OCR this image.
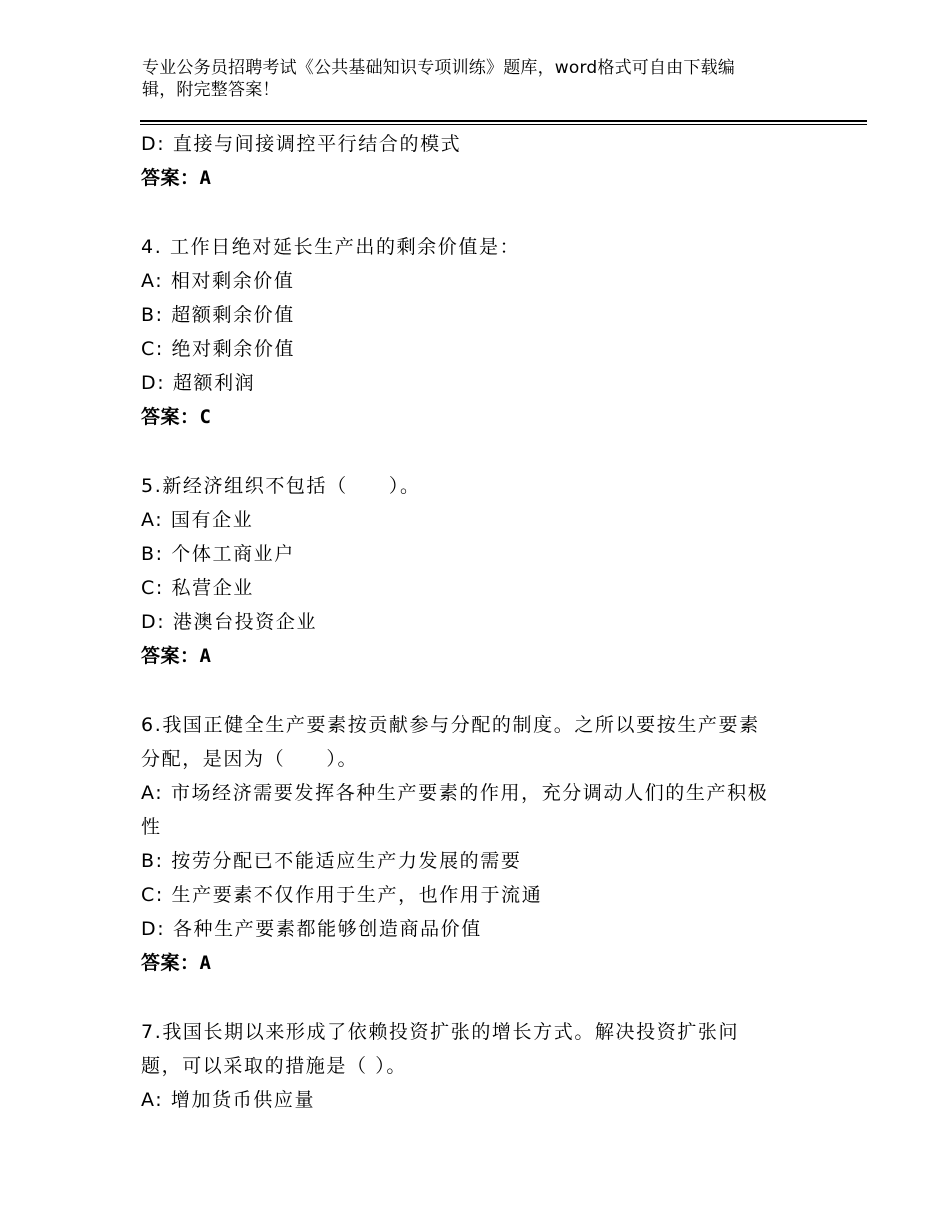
专业公务员招聘考试《公共基础知识专项训练》题库，word格式可自由下载编
辑，附完整答案！

D: 直接与间接调控平行结合的模式

答案：A

4. 工作日绝对延长生产出的剩余价值是：

A: 相对剩余价值

B: 超额剩余价值

C: 绝对剩余价值

D: 超额利润

答案：C

5.新经济组织不包括（　　）。

A: 国有企业

B: 个体工商业户

C: 私营企业

D: 港澳台投资企业

答案：A

6.我国正健全生产要素按贡献参与分配的制度。之所以要按生产要素

分配，是因为（　　）。

A: 市场经济需要发挥各种生产要素的作用，充分调动人们的生产积极

性

B: 按劳分配已不能适应生产力发展的需要

C: 生产要素不仅作用于生产，也作用于流通

D: 各种生产要素都能够创造商品价值

答案：A

7.我国长期以来形成了依赖投资扩张的增长方式。解决投资扩张问

题，可以采取的措施是（ ）。

A: 增加货币供应量
